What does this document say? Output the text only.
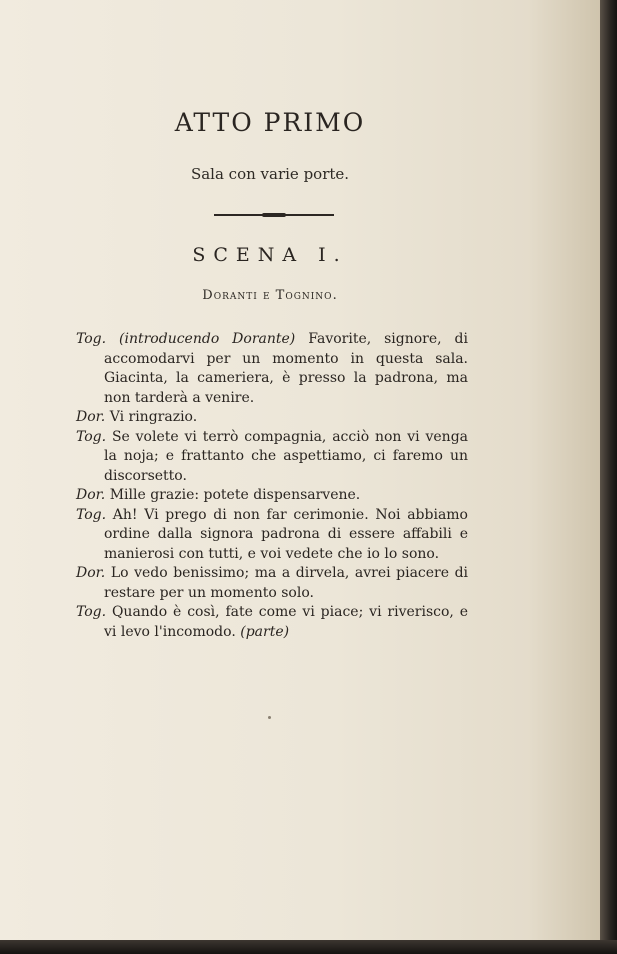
ATTO PRIMO
Sala con varie porte.
SCENA I.
Doranti e Tognino.

Tog. (introducendo Dorante) Favorite, signore, di accomodarvi per un momento in questa sala. Giacinta, la cameriera, è presso la padrona, ma non tarderà a venire.

Dor. Vi ringrazio.

Tog. Se volete vi terrò compagnia, acciò non vi venga la noja; e frattanto che aspettiamo, ci faremo un discorsetto.

Dor. Mille grazie: potete dispensarvene.

Tog. Ah! Vi prego di non far cerimonie. Noi abbiamo ordine dalla signora padrona di essere affabili e manierosi con tutti, e voi vedete che io lo sono.

Dor. Lo vedo benissimo; ma a dirvela, avrei piacere di restare per un momento solo.

Tog. Quando è così, fate come vi piace; vi riverisco, e vi levo l'incomodo. (parte)
